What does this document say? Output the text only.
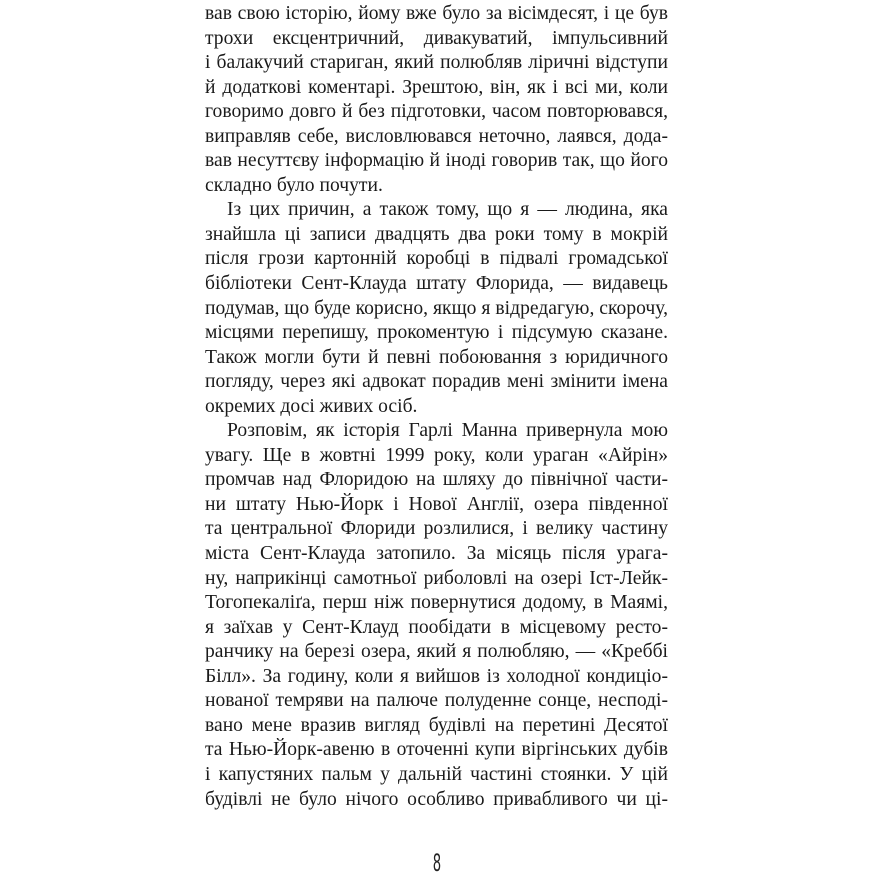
вав свою історію, йому вже було за вісімдесят, і це був
трохи ексцентричний, дивакуватий, імпульсивний
і балакучий стариган, який полюбляв ліричні відступи
й додаткові коментарі. Зрештою, він, як і всі ми, коли
говоримо довго й без підготовки, часом повторювався,
виправляв себе, висловлювався неточно, лаявся, дода-
вав несуттєву інформацію й іноді говорив так, що його
складно було почути.
Із цих причин, а також тому, що я — людина, яка
знайшла ці записи двадцять два роки тому в мокрій
після грози картонній коробці в підвалі громадської
бібліотеки Сент-Клауда штату Флорида, — видавець
подумав, що буде корисно, якщо я відредагую, скорочу,
місцями перепишу, прокоментую і підсумую сказане.
Також могли бути й певні побоювання з юридичного
погляду, через які адвокат порадив мені змінити імена
окремих досі живих осіб.
Розповім, як історія Гарлі Манна привернула мою
увагу. Ще в жовтні 1999 року, коли ураган «Айрін»
промчав над Флоридою на шляху до північної части-
ни штату Нью-Йорк і Нової Англії, озера південної
та центральної Флориди розлилися, і велику частину
міста Сент-Клауда затопило. За місяць після урага-
ну, наприкінці самотньої риболовлі на озері Іст-Лейк-
Тогопекаліґа, перш ніж повернутися додому, в Маямі,
я заїхав у Сент-Клауд пообідати в місцевому ресто-
ранчику на березі озера, який я полюбляю, — «Креббі
Білл». За годину, коли я вийшов із холодної кондиціо-
нованої темряви на палюче полуденне сонце, несподі-
вано мене вразив вигляд будівлі на перетині Десятої
та Нью-Йорк-авеню в оточенні купи віргінських дубів
і капустяних пальм у дальній частині стоянки. У цій
будівлі не було нічого особливо привабливого чи ці-
8
